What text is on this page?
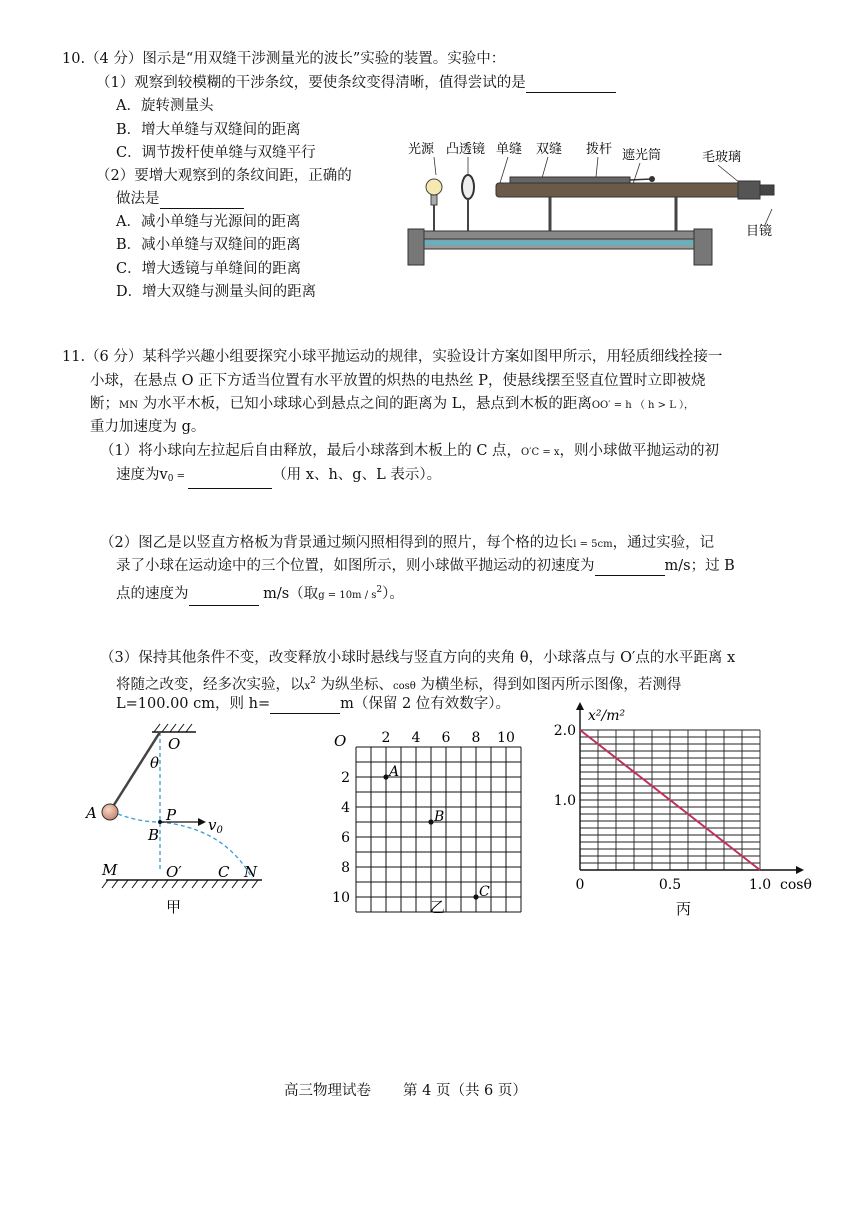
10.（4 分）图示是“用双缝干涉测量光的波长”实验的装置。实验中：
（1）观察到较模糊的干涉条纹，要使条纹变得清晰，值得尝试的是
A．旋转测量头
B．增大单缝与双缝间的距离
C．调节拨杆使单缝与双缝平行
（2）要增大观察到的条纹间距，正确的
做法是
A．减小单缝与光源间的距离
B．减小单缝与双缝间的距离
C．增大透镜与单缝间的距离
D．增大双缝与测量头间的距离
光源 凸透镜 单缝 双缝 拨杆 遮光筒	毛玻璃
目镜
11.（6 分）某科学兴趣小组要探究小球平抛运动的规律，实验设计方案如图甲所示，用轻质细线拴接一
小球，在悬点 O 正下方适当位置有水平放置的炽热的电热丝 P，使悬线摆至竖直位置时立即被烧
断；MN 为水平木板，已知小球球心到悬点之间的距离为 L，悬点到木板的距离OO′ = h （ h > L ），
重力加速度为 g。
（1）将小球向左拉起后自由释放，最后小球落到木板上的 C 点，O′C = x，则小球做平抛运动的初
速度为$v_0$ =	（用 x、h、g、L 表示）。
（2）图乙是以竖直方格板为背景通过频闪照相得到的照片，每个格的边长l = 5cm，通过实验，记
录了小球在运动途中的三个位置，如图所示，则小球做平抛运动的初速度为	m/s；过 B
点的速度为	m/s（取$g = 10m / s^2$）。
（3）保持其他条件不变，改变释放小球时悬线与竖直方向的夹角 θ，小球落点与 O′点的水平距离 x
将随之改变，经多次实验，以$x^2$ 为纵坐标、cosθ 为横坐标，得到如图丙所示图像，若测得
L=100.00 cm，则 h=	m（保留 2 位有效数字）。
O
θ
A	P
$v_0$
B
M	O′ C N
甲
2 4 6 8 10
2
4
6
8
10
A
B
C
O
乙
0	0.5	1.0
1.0
2.0
x²/m²
cosθ
丙
高三物理试卷 第 4 页（共 6 页）
